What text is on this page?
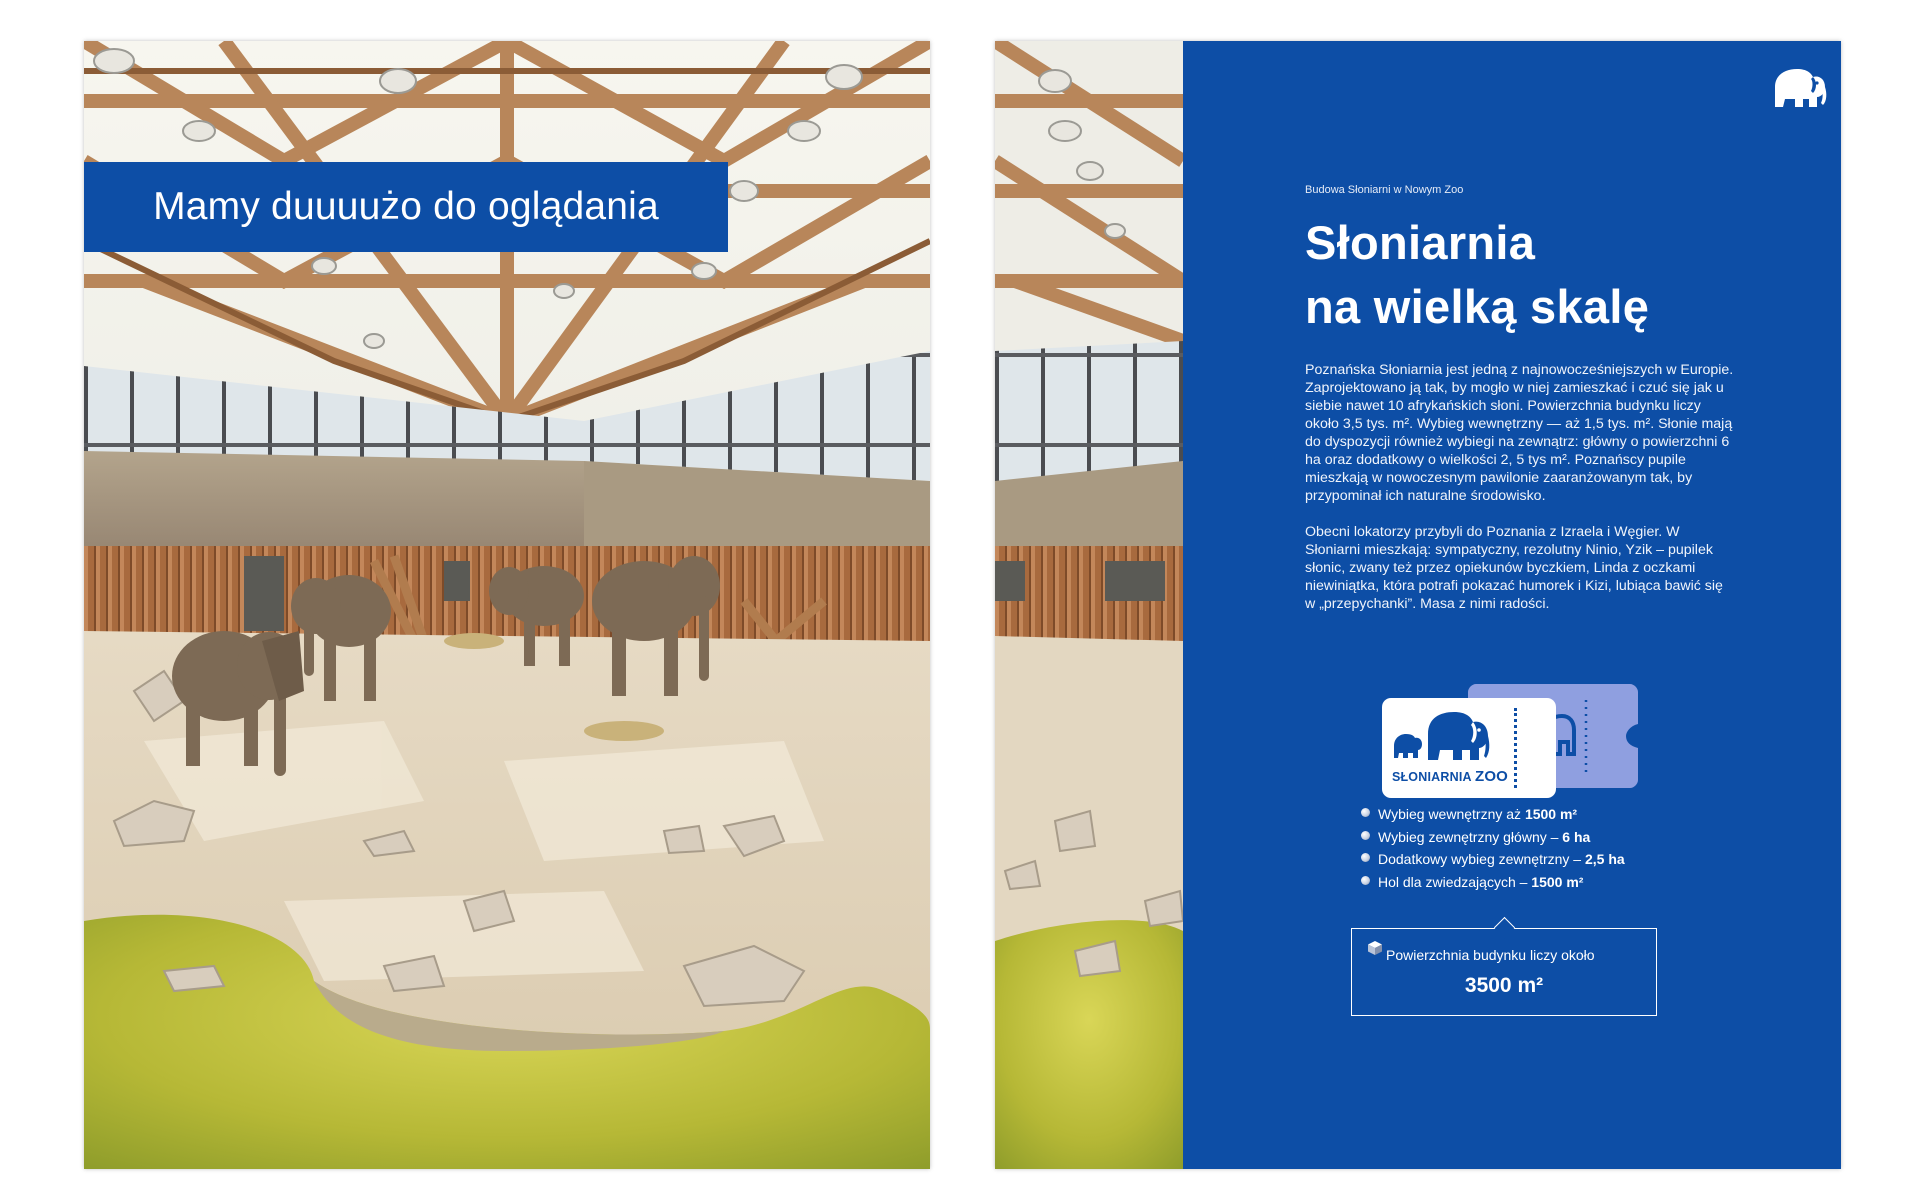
Mamy duuuużo do oglądania	Budowa Słoniarni w Nowym Zoo
Słoniarnia
na wielką skalę

Poznańska Słoniarnia jest jedną z najnowocześniejszych w Europie. Zaprojektowano ją tak, by mogło w niej zamieszkać i czuć się jak u siebie nawet 10 afrykańskich słoni. Powierzchnia budynku liczy około 3,5 tys. m². Wybieg wewnętrzny — aż 1,5 tys. m². Słonie mają do dyspozycji również wybiegi na zewnątrz: główny o powierzchni 6 ha oraz dodatkowy o wielkości 2, 5 tys m². Poznańscy pupile mieszkają w nowoczesnym pawilonie zaaranżowanym tak, by przypominał ich naturalne środowisko.

Obecni lokatorzy przybyli do Poznania z Izraela i Węgier. W Słoniarni mieszkają: sympatyczny, rezolutny Ninio, Yzik – pupilek słonic, zwany też przez opiekunów byczkiem, Linda z oczkami niewiniątka, która potrafi pokazać humorek i Kizi, lubiąca bawić się w „przepychanki”. Masa z nimi radości.

SŁONIARNIA ZOO
Wybieg wewnętrzny aż 1500 m²
Wybieg zewnętrzny główny – 6 ha
Dodatkowy wybieg zewnętrzny – 2,5 ha
Hol dla zwiedzających – 1500 m²
Powierzchnia budynku liczy około
3500 m²
